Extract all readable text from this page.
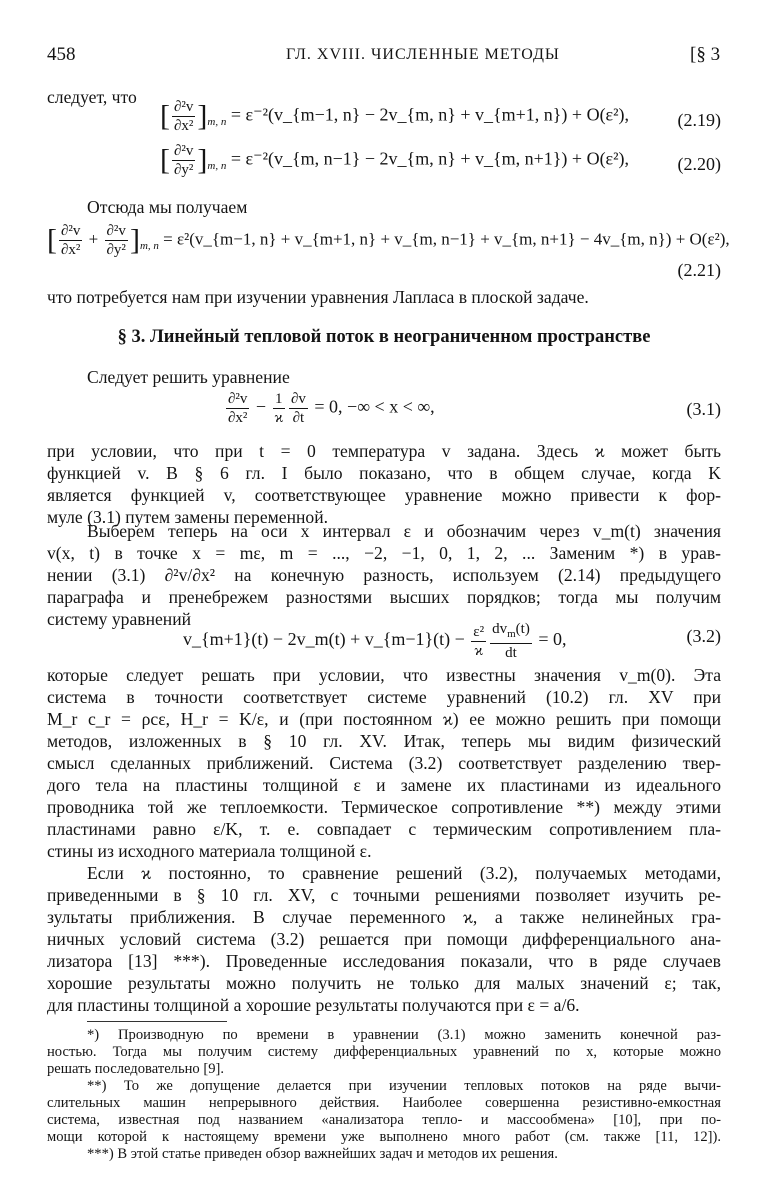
458	ГЛ. XVIII. ЧИСЛЕННЫЕ МЕТОДЫ	[§ 3
следует, что
[ $\frac{\text{∂²v}}{\text{∂x²}} ]_{m, n}$ = ε⁻²(v_{m−1, n} − 2v_{m, n} + v_{m+1, n}) + O(ε²),	(2.19)
[ $\frac{\text{∂²v}}{\text{∂y²}} ]_{m, n}$ = ε⁻²(v_{m, n−1} − 2v_{m, n} + v_{m, n+1}) + O(ε²),	(2.20)
Отсюда мы получаем
[ $\frac{\text{∂²v}}{\text{∂x²}} + \frac{\text{∂²v}}{\text{∂y²}} ]_{m, n}$ = ε²(v_{m−1, n} + v_{m+1, n} + v_{m, n−1} + v_{m, n+1} − 4v_{m, n}) + O(ε²),
(2.21)
что потребуется нам при изучении уравнения Лапласа в плоской задаче.
§ 3. Линейный тепловой поток в неограниченном пространстве
Следует решить уравнение
$\frac{\text{∂²v}}{\text{∂x²}} - \frac{1}{ϰ} \frac{\partial v}{\partial t} = 0$, −∞ < x < ∞,	(3.1)
при условии, что при t = 0 температура v задана. Здесь ϰ может быть
функцией v. В § 6 гл. I было показано, что в общем случае, когда K
является функцией v, соответствующее уравнение можно привести к фор-
муле (3.1) путем замены переменной.
Выберем теперь на оси x интервал ε и обозначим через v_m(t) значения
v(x, t) в точке x = mε, m = ..., −2, −1, 0, 1, 2, ... Заменим *) в урав-
нении (3.1) ∂²v/∂x² на конечную разность, используем (2.14) предыдущего
параграфа и пренебрежем разностями высших порядков; тогда мы получим
систему уравнений
v_{m+1}(t) − 2v_m(t) + v_{m−1}(t) − $\frac{\text{ε²}}{ϰ} \frac{dv_m(t)}{dt} = 0$,	(3.2)
которые следует решать при условии, что известны значения v_m(0). Эта
система в точности соответствует системе уравнений (10.2) гл. XV при
M_r c_r = ρcε, H_r = K/ε, и (при постоянном ϰ) ее можно решить при помощи
методов, изложенных в § 10 гл. XV. Итак, теперь мы видим физический
смысл сделанных приближений. Система (3.2) соответствует разделению твер-
дого тела на пластины толщиной ε и замене их пластинами из идеального
проводника той же теплоемкости. Термическое сопротивление **) между этими
пластинами равно ε/K, т. е. совпадает с термическим сопротивлением пла-
стины из исходного материала толщиной ε.
Если ϰ постоянно, то сравнение решений (3.2), получаемых методами,
приведенными в § 10 гл. XV, с точными решениями позволяет изучить ре-
зультаты приближения. В случае переменного ϰ, а также нелинейных гра-
ничных условий система (3.2) решается при помощи дифференциального ана-
лизатора [13] ***). Проведенные исследования показали, что в ряде случаев
хорошие результаты можно получить не только для малых значений ε; так,
для пластины толщиной a хорошие результаты получаются при ε = a/6.
*) Производную по времени в уравнении (3.1) можно заменить конечной раз-
ностью. Тогда мы получим систему дифференциальных уравнений по x, которые можно
решать последовательно [9].
**) То же допущение делается при изучении тепловых потоков на ряде вычи-
слительных машин непрерывного действия. Наиболее совершенна резистивно-емкостная
система, известная под названием «анализатора тепло- и массообмена» [10], при по-
мощи которой к настоящему времени уже выполнено много работ (см. также [11, 12]).
***) В этой статье приведен обзор важнейших задач и методов их решения.
